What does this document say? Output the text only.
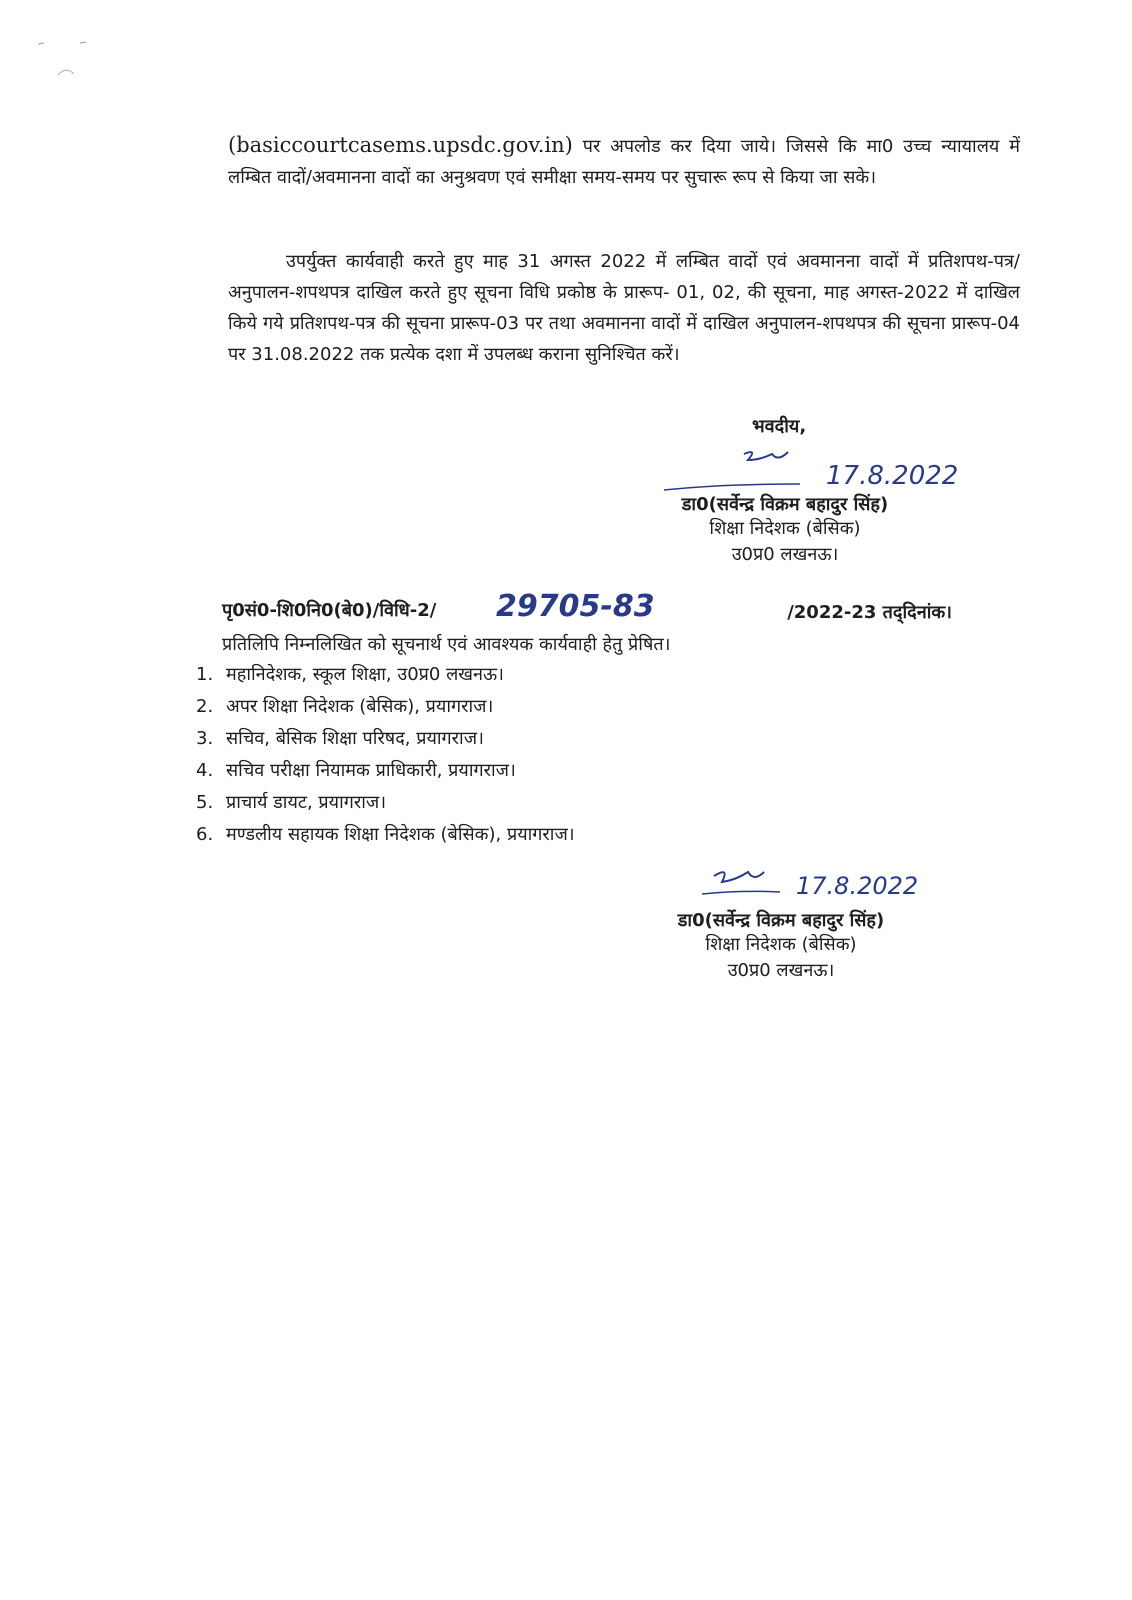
(basiccourtcasems.upsdc.gov.in) पर अपलोड कर दिया जाये। जिससे कि मा0 उच्च न्यायालय में लम्बित वादों/अवमानना वादों का अनुश्रवण एवं समीक्षा समय-समय पर सुचारू रूप से किया जा सके।
उपर्युक्त कार्यवाही करते हुए माह 31 अगस्त 2022 में लम्बित वादों एवं अवमानना वादों में प्रतिशपथ-पत्र/अनुपालन-शपथपत्र दाखिल करते हुए सूचना विधि प्रकोष्ठ के प्रारूप- 01, 02, की सूचना, माह अगस्त-2022 में दाखिल किये गये प्रतिशपथ-पत्र की सूचना प्रारूप-03 पर तथा अवमानना वादों में दाखिल अनुपालन-शपथपत्र की सूचना प्रारूप-04 पर 31.08.2022 तक प्रत्येक दशा में उपलब्ध कराना सुनिश्चित करें।
भवदीय,
17.8.2022
डा0(सर्वेन्द्र विक्रम बहादुर सिंह)
शिक्षा निदेशक (बेसिक)
उ0प्र0 लखनऊ।
पृ0सं0-शि0नि0(बे0)/विधि-2/ 29705-83	/2022-23 तद्‌दिनांक।
प्रतिलिपि निम्नलिखित को सूचनार्थ एवं आवश्यक कार्यवाही हेतु प्रेषित।
1. महानिदेशक, स्कूल शिक्षा, उ0प्र0 लखनऊ।
2. अपर शिक्षा निदेशक (बेसिक), प्रयागराज।
3. सचिव, बेसिक शिक्षा परिषद, प्रयागराज।
4. सचिव परीक्षा नियामक प्राधिकारी, प्रयागराज।
5. प्राचार्य डायट, प्रयागराज।
6. मण्डलीय सहायक शिक्षा निदेशक (बेसिक), प्रयागराज।
17.8.2022
डा0(सर्वेन्द्र विक्रम बहादुर सिंह)
शिक्षा निदेशक (बेसिक)
उ0प्र0 लखनऊ।
